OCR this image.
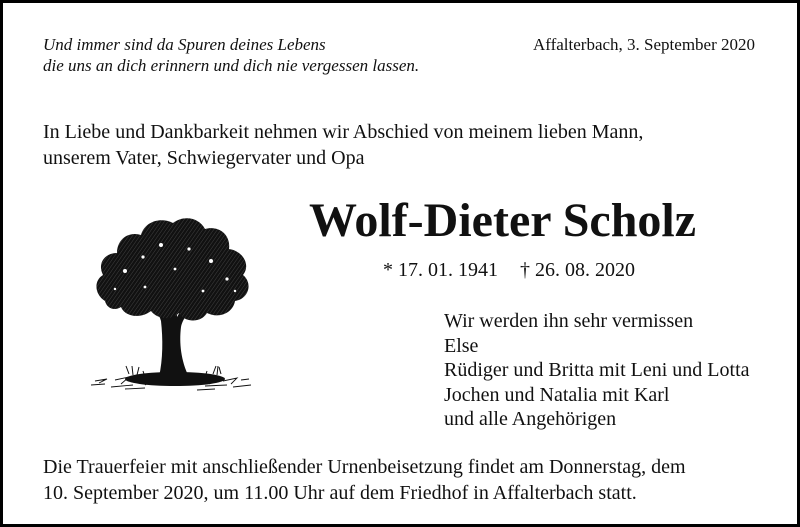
Und immer sind da Spuren deines Lebens
die uns an dich erinnern und dich nie vergessen lassen.
Affalterbach, 3. September 2020
In Liebe und Dankbarkeit nehmen wir Abschied von meinem lieben Mann,
unserem Vater, Schwiegervater und Opa
Wolf-Dieter Scholz
* 17. 01. 1941 † 26. 08. 2020
Wir werden ihn sehr vermissen
Else
Rüdiger und Britta mit Leni und Lotta
Jochen und Natalia mit Karl
und alle Angehörigen
Die Trauerfeier mit anschließender Urnenbeisetzung findet am Donnerstag, dem
10. September 2020, um 11.00 Uhr auf dem Friedhof in Affalterbach statt.
